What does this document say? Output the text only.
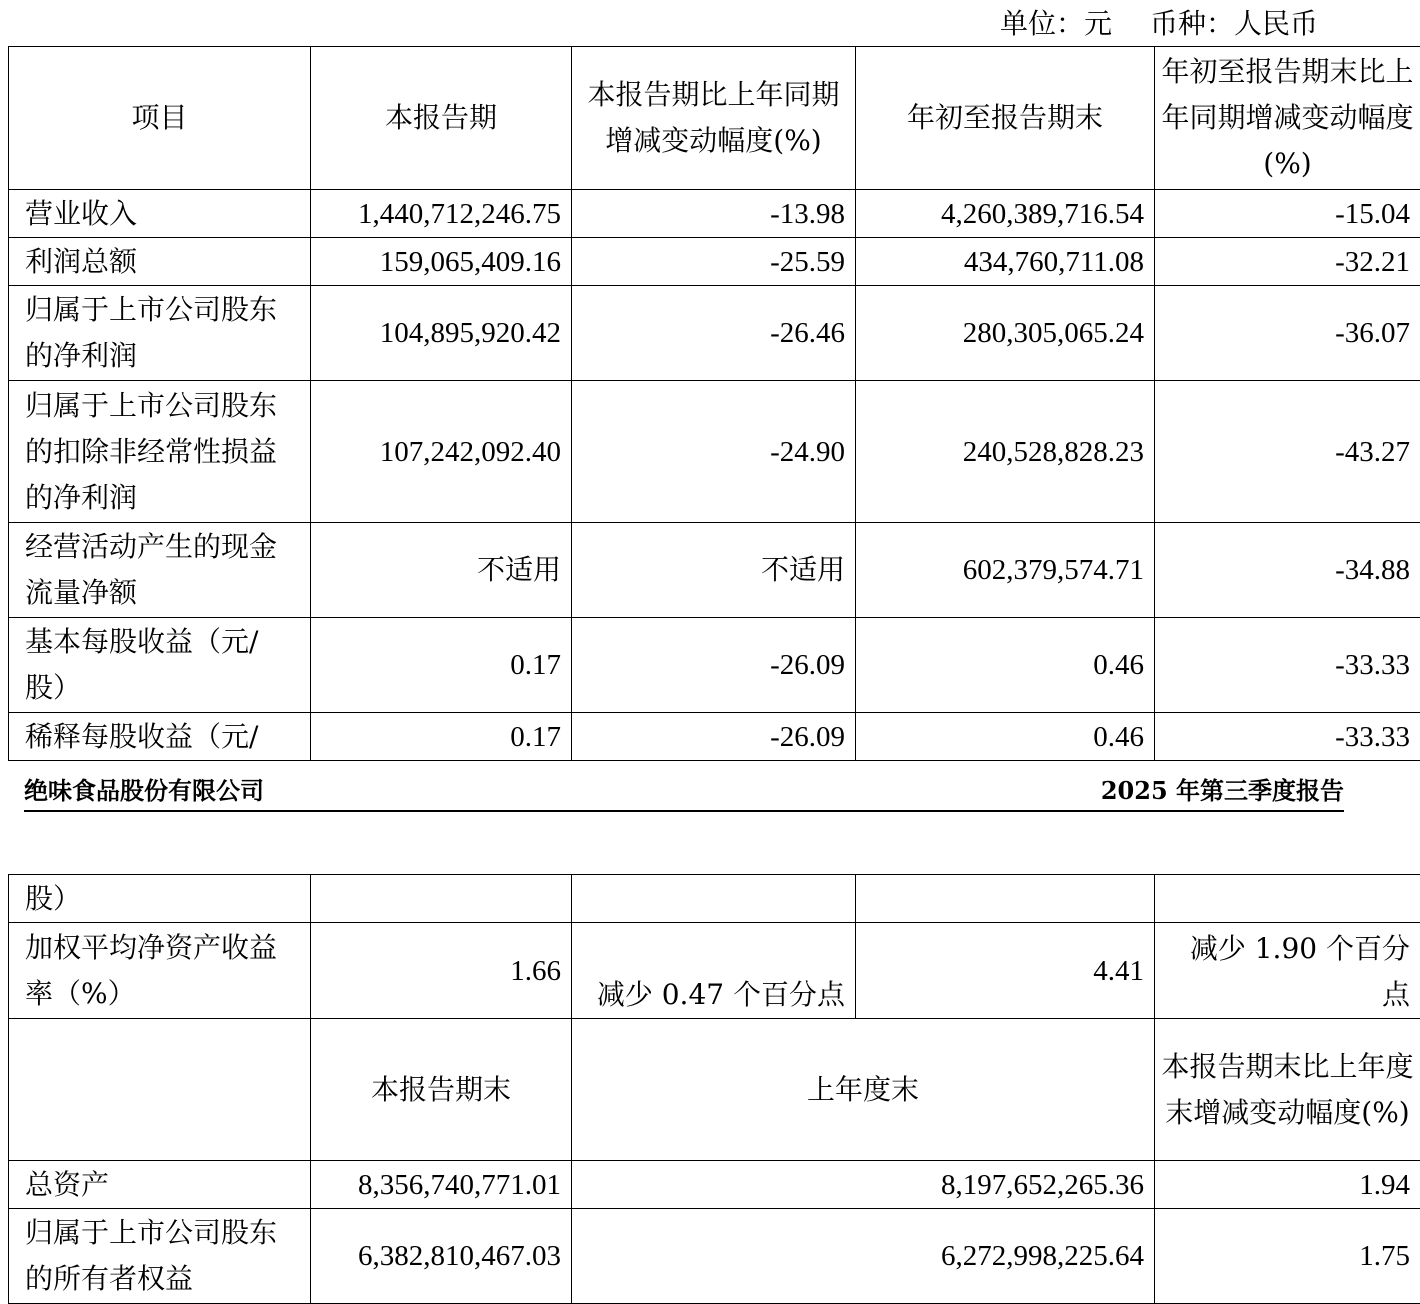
单位：元 币种：人民币
项目	本报告期	本报告期比上年同期增减变动幅度(%)	年初至报告期末	年初至报告期末比上年同期增减变动幅度(%)
营业收入	1,440,712,246.75	-13.98	4,260,389,716.54	-15.04
利润总额	159,065,409.16	-25.59	434,760,711.08	-32.21
归属于上市公司股东的净利润	104,895,920.42	-26.46	280,305,065.24	-36.07
归属于上市公司股东的扣除非经常性损益的净利润	107,242,092.40	-24.90	240,528,828.23	-43.27
经营活动产生的现金流量净额	不适用	不适用	602,379,574.71	-34.88
基本每股收益（元/股）	0.17	-26.09	0.46	-33.33
稀释每股收益（元/	0.17	-26.09	0.46	-33.33
绝味食品股份有限公司	2025 年第三季度报告
股）				
加权平均净资产收益率（%）	1.66	减少 0.47 个百分点	4.41	减少 1.90 个百分点
	本报告期末	上年度末		本报告期末比上年度末增减变动幅度(%)
总资产	8,356,740,771.01	8,197,652,265.36		1.94
归属于上市公司股东的所有者权益	6,382,810,467.03	6,272,998,225.64		1.75
